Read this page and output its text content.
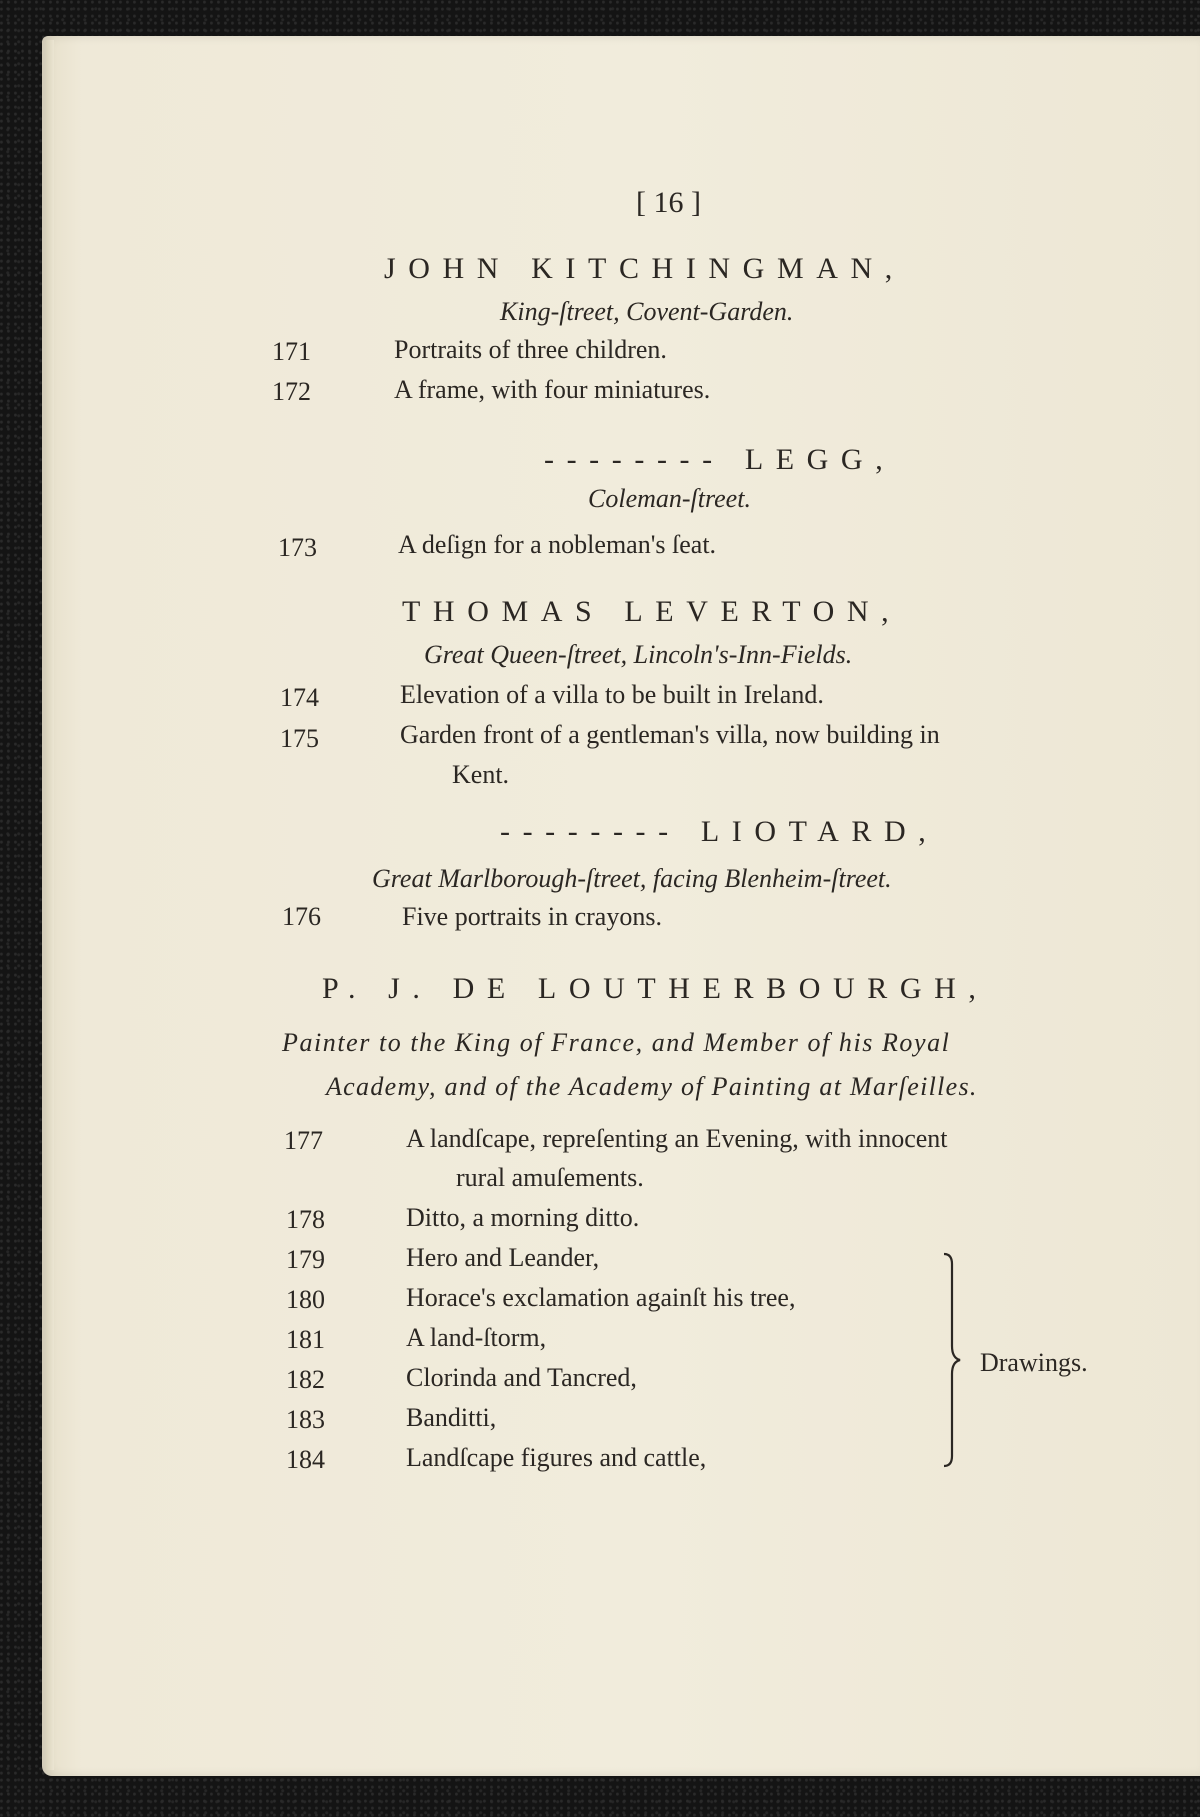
[ 16 ]
JOHN KITCHINGMAN,
King-ſtreet, Covent-Garden.
171	Portraits of three children.
172	A frame, with four miniatures.
-------- LEGG,
Coleman-ſtreet.
173	A deſign for a nobleman's ſeat.
THOMAS LEVERTON,
Great Queen-ſtreet, Lincoln's-Inn-Fields.
174	Elevation of a villa to be built in Ireland.
175	Garden front of a gentleman's villa, now building in
Kent.
-------- LIOTARD,
Great Marlborough-ſtreet, facing Blenheim-ſtreet.
176	Five portraits in crayons.
P. J. DE LOUTHERBOURGH,
Painter to the King of France, and Member of his Royal
Academy, and of the Academy of Painting at Marſeilles.
177	A landſcape, repreſenting an Evening, with innocent
rural amuſements.
178	Ditto, a morning ditto.
179	Hero and Leander,
180	Horace's exclamation againſt his tree,
181	A land-ſtorm,
182	Clorinda and Tancred,
183	Banditti,
184	Landſcape figures and cattle,
Drawings.
